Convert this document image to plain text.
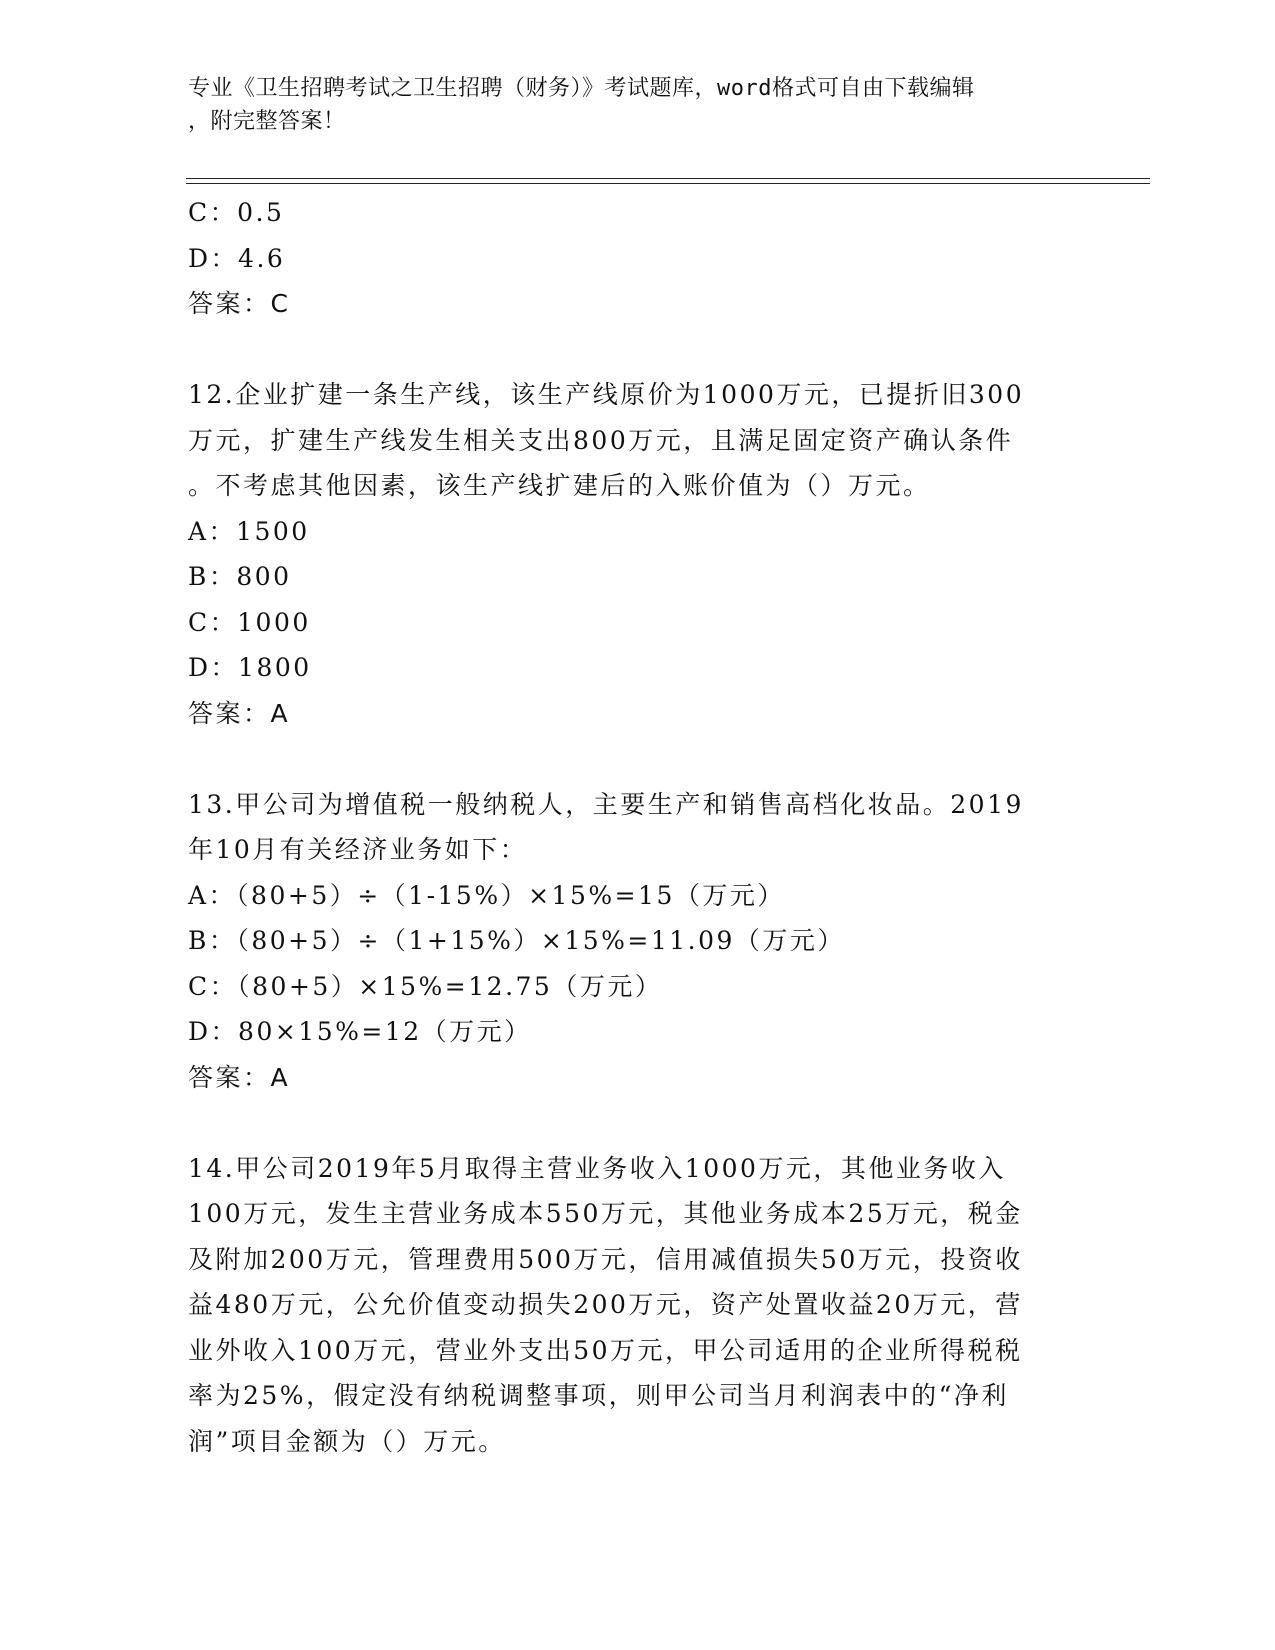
专业《卫生招聘考试之卫生招聘（财务）》考试题库，word格式可自由下载编辑
，附完整答案！
C：0.5
D：4.6
答案：C
12.企业扩建一条生产线，该生产线原价为1000万元，已提折旧300
万元，扩建生产线发生相关支出800万元，且满足固定资产确认条件
。不考虑其他因素，该生产线扩建后的入账价值为（）万元。
A：1500
B：800
C：1000
D：1800
答案：A
13.甲公司为增值税一般纳税人，主要生产和销售高档化妆品。2019
年10月有关经济业务如下：
A：（80+5）÷（1-15%）×15%=15（万元）
B：（80+5）÷（1+15%）×15%=11.09（万元）
C：（80+5）×15%=12.75（万元）
D：80×15%=12（万元）
答案：A
14.甲公司2019年5月取得主营业务收入1000万元，其他业务收入
100万元，发生主营业务成本550万元，其他业务成本25万元，税金
及附加200万元，管理费用500万元，信用减值损失50万元，投资收
益480万元，公允价值变动损失200万元，资产处置收益20万元，营
业外收入100万元，营业外支出50万元，甲公司适用的企业所得税税
率为25%，假定没有纳税调整事项，则甲公司当月利润表中的“净利
润”项目金额为（）万元。
